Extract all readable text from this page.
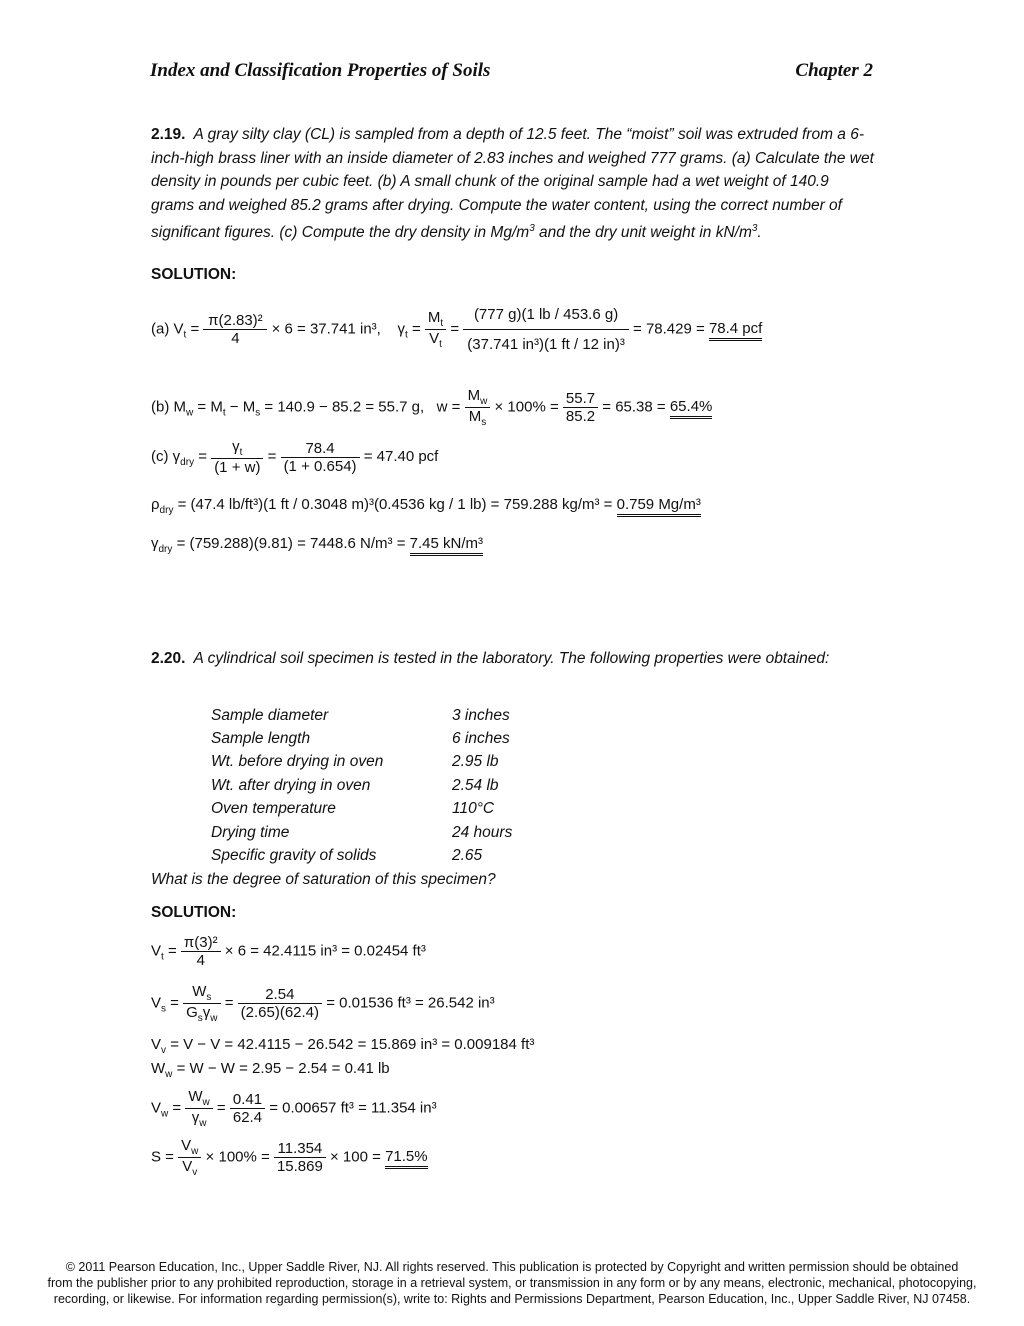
Index and Classification Properties of Soils	Chapter 2
2.19. A gray silty clay (CL) is sampled from a depth of 12.5 feet. The “moist” soil was extruded from a 6-inch-high brass liner with an inside diameter of 2.83 inches and weighed 777 grams. (a) Calculate the wet density in pounds per cubic feet. (b) A small chunk of the original sample had a wet weight of 140.9 grams and weighed 85.2 grams after drying. Compute the water content, using the correct number of significant figures. (c) Compute the dry density in $Mg/m^3$ and the dry unit weight in $kN/m^3$.
SOLUTION:
(a) $V_t = \frac{\text{π(2.83)²}}{4} \times 6 = 37.741$ in³, $\gamma_t = \frac{M_t}{V_t} = \frac{(777 g)(1 lb / 453.6 g)}{\text{(37.741 in³)(1 ft / 12 in)³}} = 78.429 = 78.4$ pcf
(b) $M_w = M_t - M_s = 140.9 - 85.2 = 55.7$ g, $w = \frac{M_w}{M_s} \times 100\% = \frac{55.7}{85.2} = 65.38 = 65.4\%$
(c) $\gamma_{dry} = \frac{\gamma_t}{(1 + w)} = \frac{78.4}{(1 + 0.654)} = 47.40$ pcf
$\rho_{dry} = (47.4$ lb/ft³)(1 ft / 0.3048 m)³(0.4536 kg / 1 lb) = 759.288 kg/m³ = 0.759 Mg/m³
$\gamma_{dry} = (759.288)(9.81) = 7448.6$ N/m³ = 7.45 kN/m³
2.20. A cylindrical soil specimen is tested in the laboratory. The following properties were obtained:
Sample diameter	3 inches
Sample length	6 inches
Wt. before drying in oven	2.95 lb
Wt. after drying in oven	2.54 lb
Oven temperature	110°C
Drying time	24 hours
Specific gravity of solids	2.65
What is the degree of saturation of this specimen?
SOLUTION:
$V_t = \frac{\text{π(3)²}}{4} \times 6 = 42.4115$ in³ = 0.02454 ft³
$V_s = \frac{W_s}{G_s\gamma_w} = \frac{2.54}{(2.65)(62.4)} = 0.01536$ ft³ = 26.542 in³
$V_v = V - V = 42.4115 - 26.542 = 15.869$ in³ = 0.009184 ft³
$W_w = W - W = 2.95 - 2.54 = 0.41$ lb
$V_w = \frac{W_w}{\gamma_w} = \frac{0.41}{62.4} = 0.00657$ ft³ = 11.354 in³
$S = \frac{V_w}{V_v} \times 100\% = \frac{11.354}{15.869} \times 100 = 71.5\%$
© 2011 Pearson Education, Inc., Upper Saddle River, NJ. All rights reserved. This publication is protected by Copyright and written permission should be obtained
from the publisher prior to any prohibited reproduction, storage in a retrieval system, or transmission in any form or by any means, electronic, mechanical, photocopying,
recording, or likewise. For information regarding permission(s), write to: Rights and Permissions Department, Pearson Education, Inc., Upper Saddle River, NJ 07458.
